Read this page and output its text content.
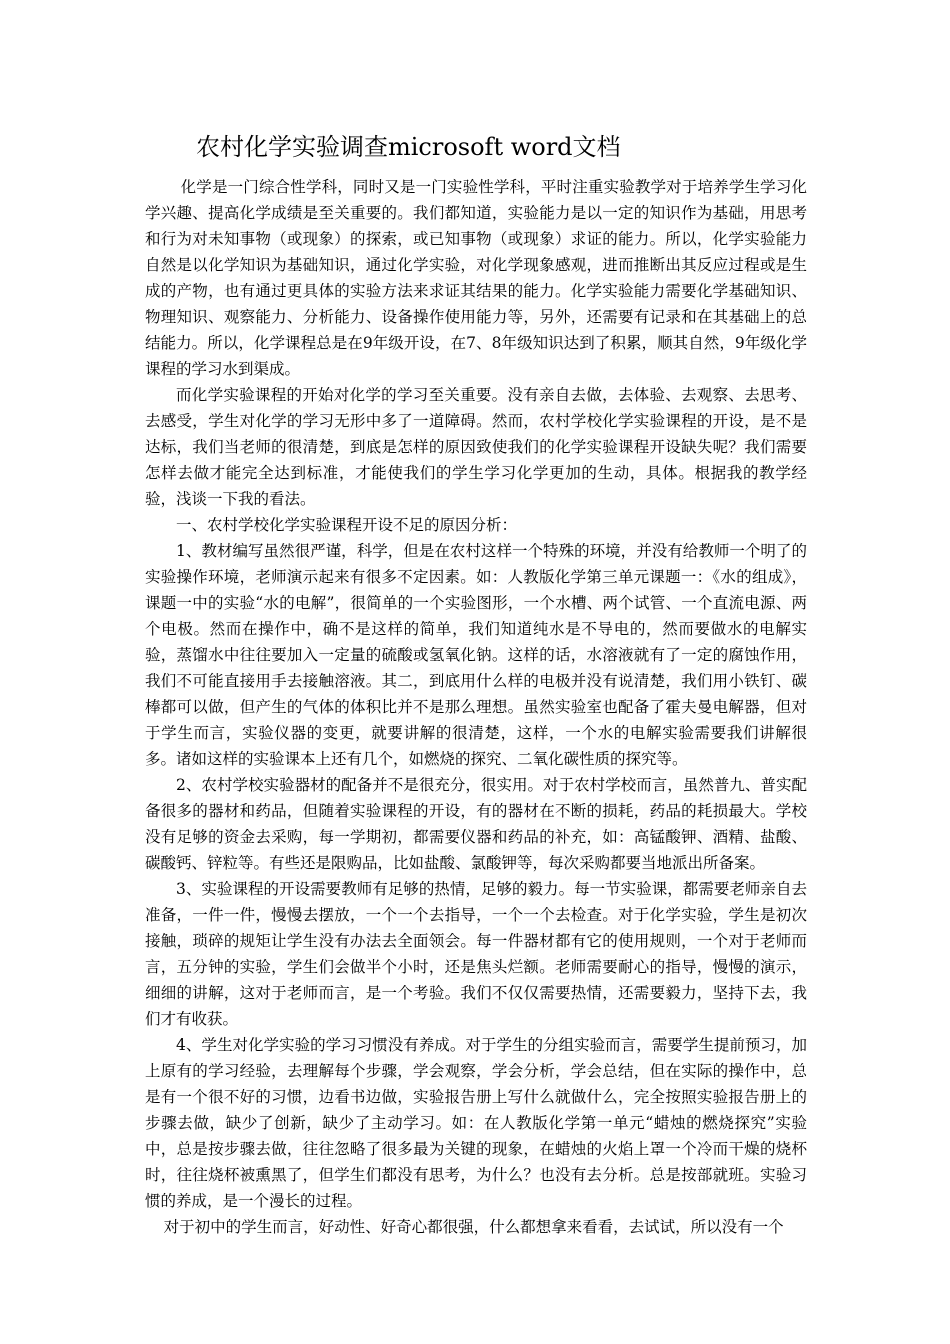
农村化学实验调查microsoft word文档

化学是一门综合性学科，同时又是一门实验性学科，平时注重实验教学对于培养学生学习化学兴趣、提高化学成绩是至关重要的。我们都知道，实验能力是以一定的知识作为基础，用思考和行为对未知事物（或现象）的探索，或已知事物（或现象）求证的能力。所以，化学实验能力自然是以化学知识为基础知识，通过化学实验，对化学现象感观，进而推断出其反应过程或是生成的产物，也有通过更具体的实验方法来求证其结果的能力。化学实验能力需要化学基础知识、物理知识、观察能力、分析能力、设备操作使用能力等，另外，还需要有记录和在其基础上的总结能力。所以，化学课程总是在9年级开设，在7、8年级知识达到了积累，顺其自然，9年级化学课程的学习水到渠成。

而化学实验课程的开始对化学的学习至关重要。没有亲自去做，去体验、去观察、去思考、去感受，学生对化学的学习无形中多了一道障碍。然而，农村学校化学实验课程的开设，是不是达标，我们当老师的很清楚，到底是怎样的原因致使我们的化学实验课程开设缺失呢？我们需要怎样去做才能完全达到标准，才能使我们的学生学习化学更加的生动，具体。根据我的教学经验，浅谈一下我的看法。

一、农村学校化学实验课程开设不足的原因分析：

1、教材编写虽然很严谨，科学，但是在农村这样一个特殊的环境，并没有给教师一个明了的实验操作环境，老师演示起来有很多不定因素。如：人教版化学第三单元课题一：《水的组成》，课题一中的实验“水的电解”，很简单的一个实验图形，一个水槽、两个试管、一个直流电源、两个电极。然而在操作中，确不是这样的简单，我们知道纯水是不导电的，然而要做水的电解实验，蒸馏水中往往要加入一定量的硫酸或氢氧化钠。这样的话，水溶液就有了一定的腐蚀作用，我们不可能直接用手去接触溶液。其二，到底用什么样的电极并没有说清楚，我们用小铁钉、碳棒都可以做，但产生的气体的体积比并不是那么理想。虽然实验室也配备了霍夫曼电解器，但对于学生而言，实验仪器的变更，就要讲解的很清楚，这样，一个水的电解实验需要我们讲解很多。诸如这样的实验课本上还有几个，如燃烧的探究、二氧化碳性质的探究等。

2、农村学校实验器材的配备并不是很充分，很实用。对于农村学校而言，虽然普九、普实配备很多的器材和药品，但随着实验课程的开设，有的器材在不断的损耗，药品的耗损最大。学校没有足够的资金去采购，每一学期初，都需要仪器和药品的补充，如：高锰酸钾、酒精、盐酸、碳酸钙、锌粒等。有些还是限购品，比如盐酸、氯酸钾等，每次采购都要当地派出所备案。

3、实验课程的开设需要教师有足够的热情，足够的毅力。每一节实验课，都需要老师亲自去准备，一件一件，慢慢去摆放，一个一个去指导，一个一个去检查。对于化学实验，学生是初次接触，琐碎的规矩让学生没有办法去全面领会。每一件器材都有它的使用规则，一个对于老师而言，五分钟的实验，学生们会做半个小时，还是焦头烂额。老师需要耐心的指导，慢慢的演示，细细的讲解，这对于老师而言，是一个考验。我们不仅仅需要热情，还需要毅力，坚持下去，我们才有收获。

4、学生对化学实验的学习习惯没有养成。对于学生的分组实验而言，需要学生提前预习，加上原有的学习经验，去理解每个步骤，学会观察，学会分析，学会总结，但在实际的操作中，总是有一个很不好的习惯，边看书边做，实验报告册上写什么就做什么，完全按照实验报告册上的步骤去做，缺少了创新，缺少了主动学习。如：在人教版化学第一单元“蜡烛的燃烧探究”实验中，总是按步骤去做，往往忽略了很多最为关键的现象，在蜡烛的火焰上罩一个冷而干燥的烧杯时，往往烧杯被熏黑了，但学生们都没有思考，为什么？也没有去分析。总是按部就班。实验习惯的养成，是一个漫长的过程。

对于初中的学生而言，好动性、好奇心都很强，什么都想拿来看看，去试试，所以没有一个
